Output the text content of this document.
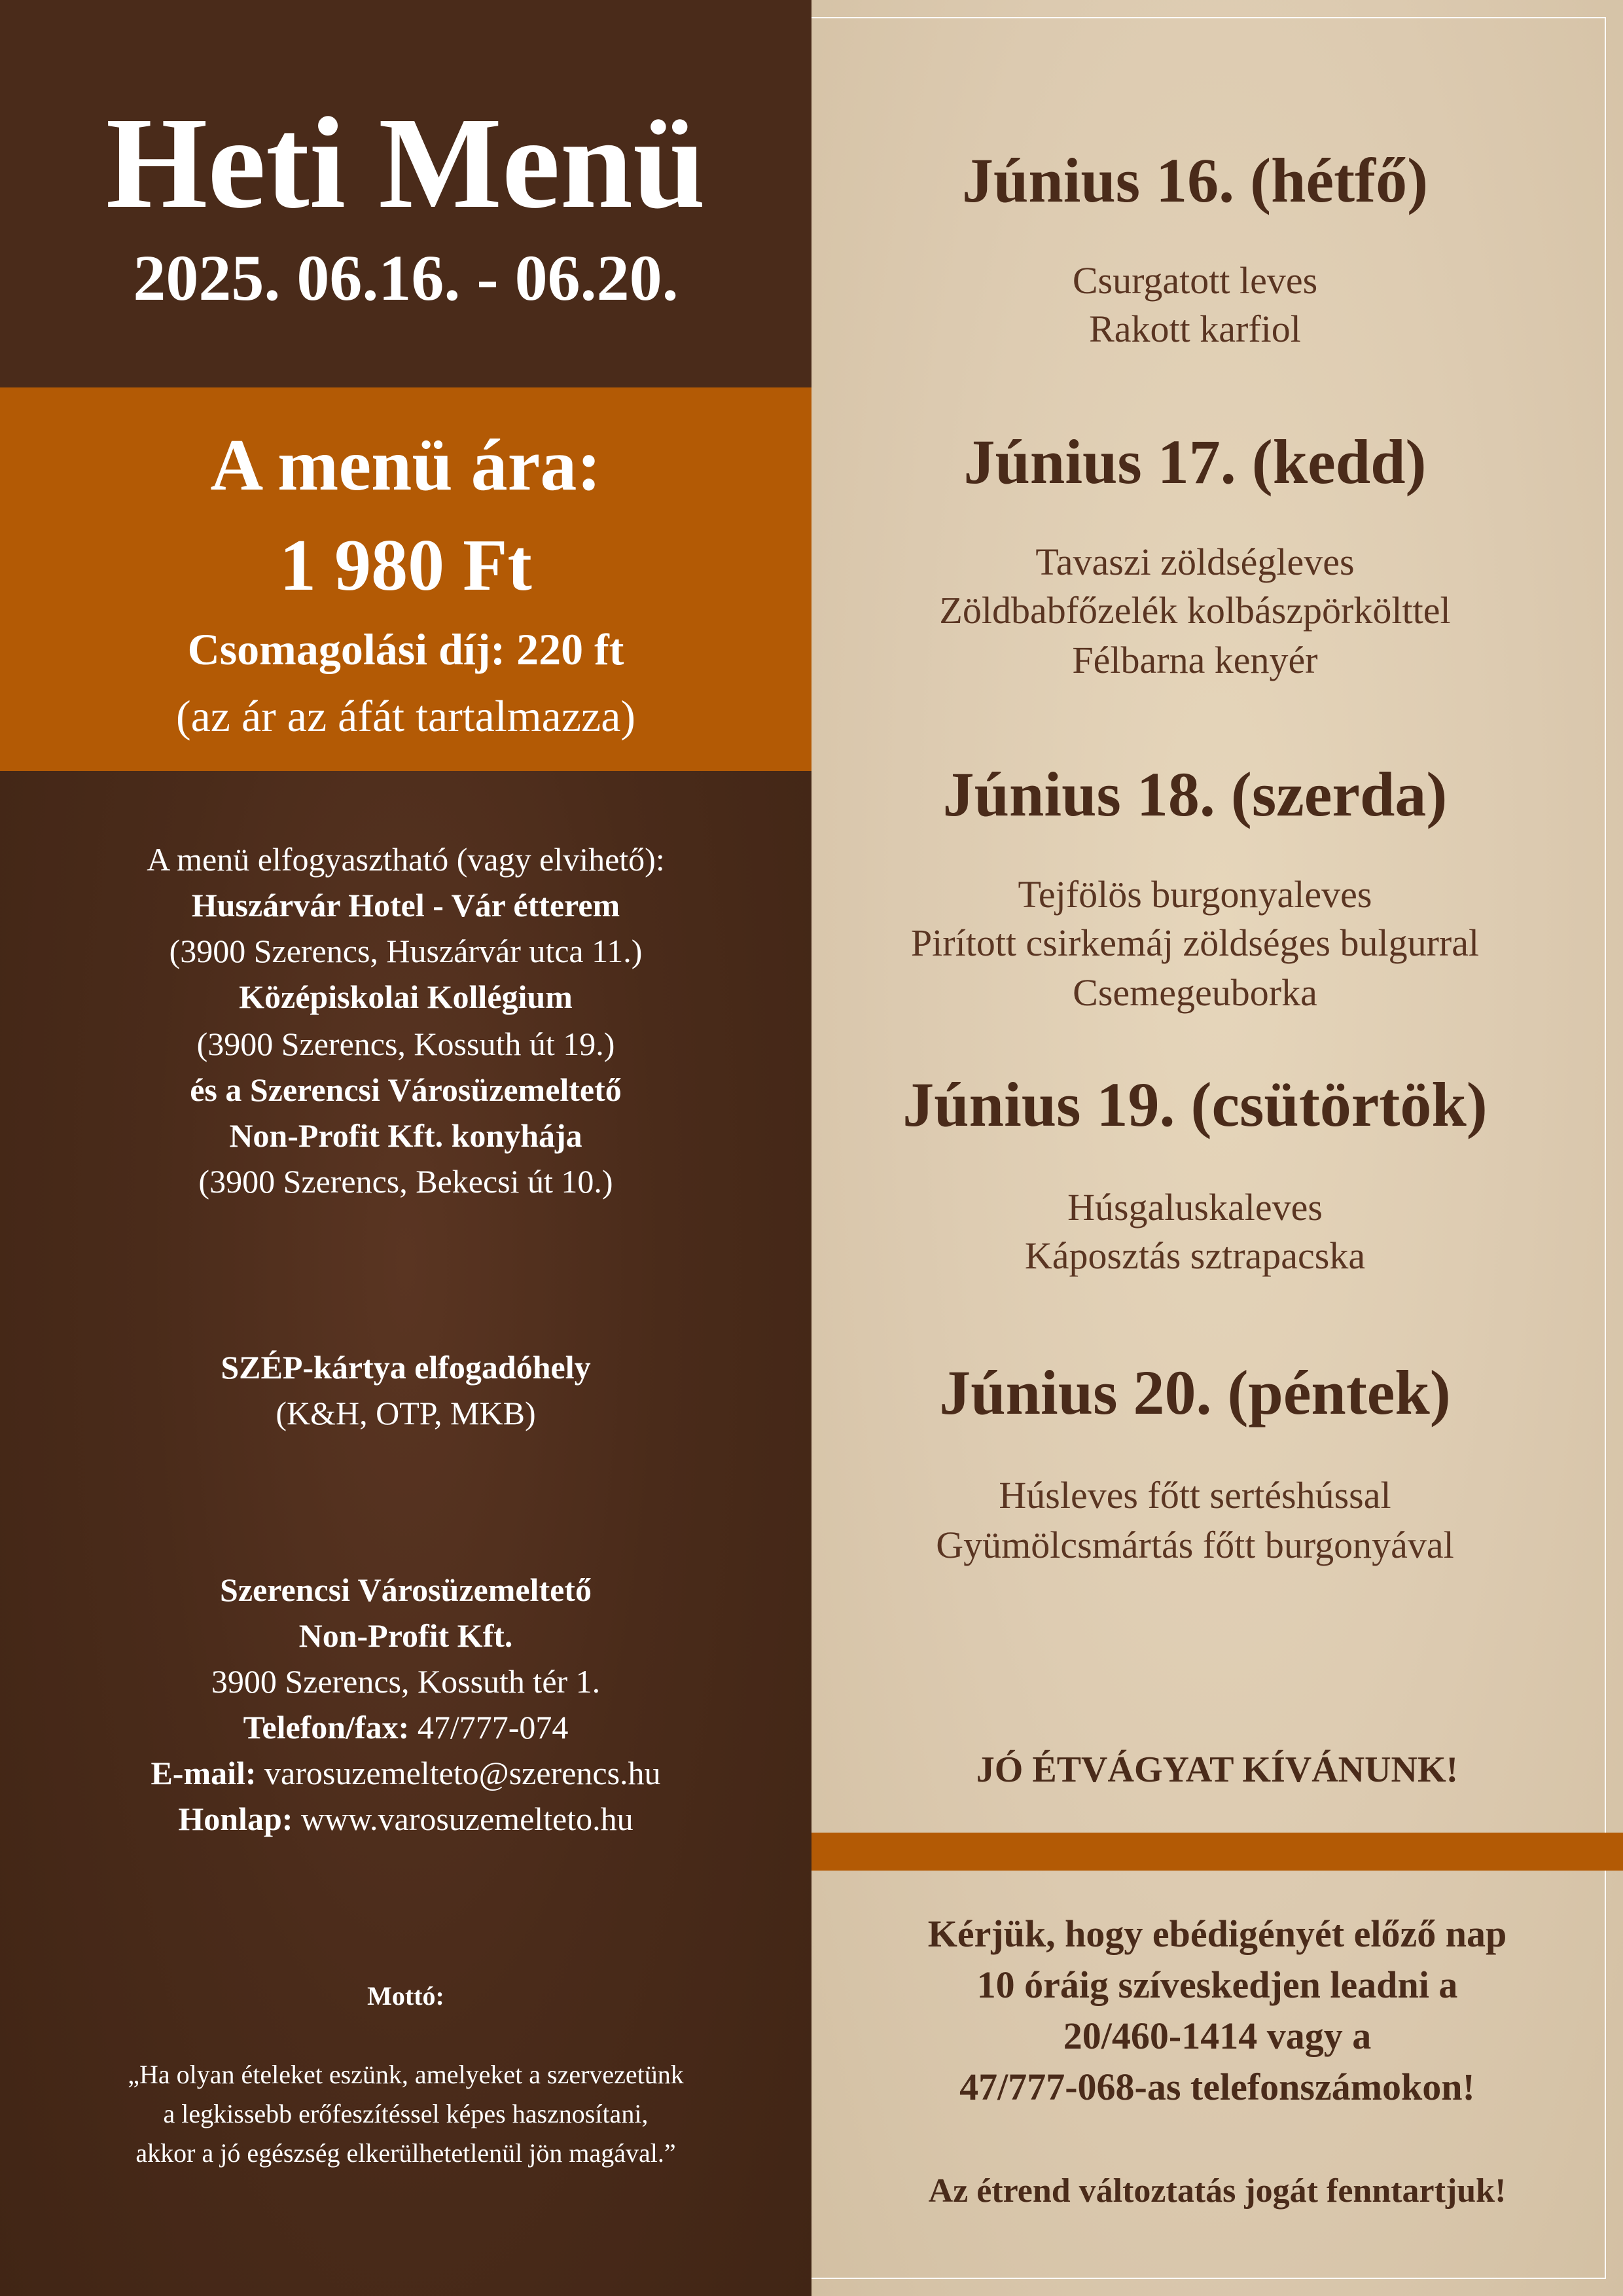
Heti Menü
2025. 06.16. - 06.20.
A menü ára:
1 980 Ft
Csomagolási díj: 220 ft
(az ár az áfát tartalmazza)
A menü elfogyasztható (vagy elvihető):
Huszárvár Hotel - Vár étterem
(3900 Szerencs, Huszárvár utca 11.)
Középiskolai Kollégium
(3900 Szerencs, Kossuth út 19.)
és a Szerencsi Városüzemeltető
Non-Profit Kft. konyhája
(3900 Szerencs, Bekecsi út 10.)
SZÉP-kártya elfogadóhely
(K&H, OTP, MKB)
Szerencsi Városüzemeltető
Non-Profit Kft.
3900 Szerencs, Kossuth tér 1.
Telefon/fax: 47/777-074
E-mail: varosuzemelteto@szerencs.hu
Honlap: www.varosuzemelteto.hu
Mottó:
„Ha olyan ételeket eszünk, amelyeket a szervezetünk
a legkissebb erőfeszítéssel képes hasznosítani,
akkor a jó egészség elkerülhetetlenül jön magával.”
Június 16. (hétfő)
Csurgatott leves
Rakott karfiol
Június 17. (kedd)
Tavaszi zöldségleves
Zöldbabfőzelék kolbászpörkölttel
Félbarna kenyér
Június 18. (szerda)
Tejfölös burgonyaleves
Pirított csirkemáj zöldséges bulgurral
Csemegeuborka
Június 19. (csütörtök)
Húsgaluskaleves
Káposztás sztrapacska
Június 20. (péntek)
Húsleves főtt sertéshússal
Gyümölcsmártás főtt burgonyával
JÓ ÉTVÁGYAT KÍVÁNUNK!
Kérjük, hogy ebédigényét előző nap
10 óráig szíveskedjen leadni a
20/460-1414 vagy a
47/777-068-as telefonszámokon!
Az étrend változtatás jogát fenntartjuk!
